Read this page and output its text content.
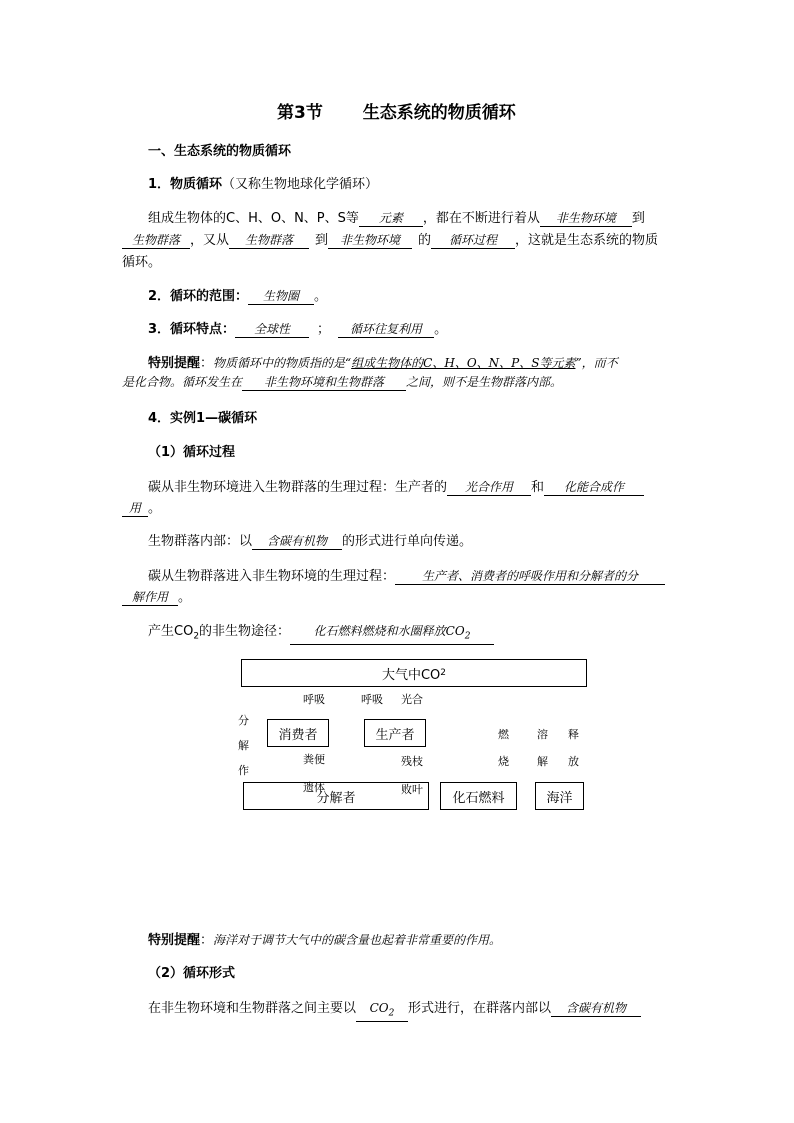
第3节 生态系统的物质循环
一、生态系统的物质循环
1．物质循环（又称生物地球化学循环）
组成生物体的C、H、O、N、P、S等 元素 ，都在不断进行着从 非生物环境 到
生物群落 ，又从 生物群落 到 非生物环境 的 循环过程 ，这就是生态系统的物质
循环。
2．循环的范围： 生物圈 。
3．循环特点： 全球性 ； 循环往复利用 。
特别提醒：物质循环中的物质指的是“组成生物体的C、H、O、N、P、S等元素”，而不
是化合物。循环发生在 非生物环境和生物群落 之间，则不是生物群落内部。
4．实例1—碳循环
（1）循环过程
碳从非生物环境进入生物群落的生理过程：生产者的 光合作用 和 化能合成作
用 。
生物群落内部：以 含碳有机物 的形式进行单向传递。
碳从生物群落进入非生物环境的生理过程： 生产者、消费者的呼吸作用和分解者的分
解作用 。
产生$CO_2$的非生物途径： 化石燃料燃烧和水圈释放$CO_2$
大气中CO 2
消费者	生产者
分解者	化石燃料	海洋
呼吸	呼吸 光合
分
解
作
粪便
遗体
残枝
败叶
燃
烧
溶
解
释
放
特别提醒：海洋对于调节大气中的碳含量也起着非常重要的作用。
（2）循环形式
在非生物环境和生物群落之间主要以 $CO_2$ 形式进行，在群落内部以 含碳有机物
